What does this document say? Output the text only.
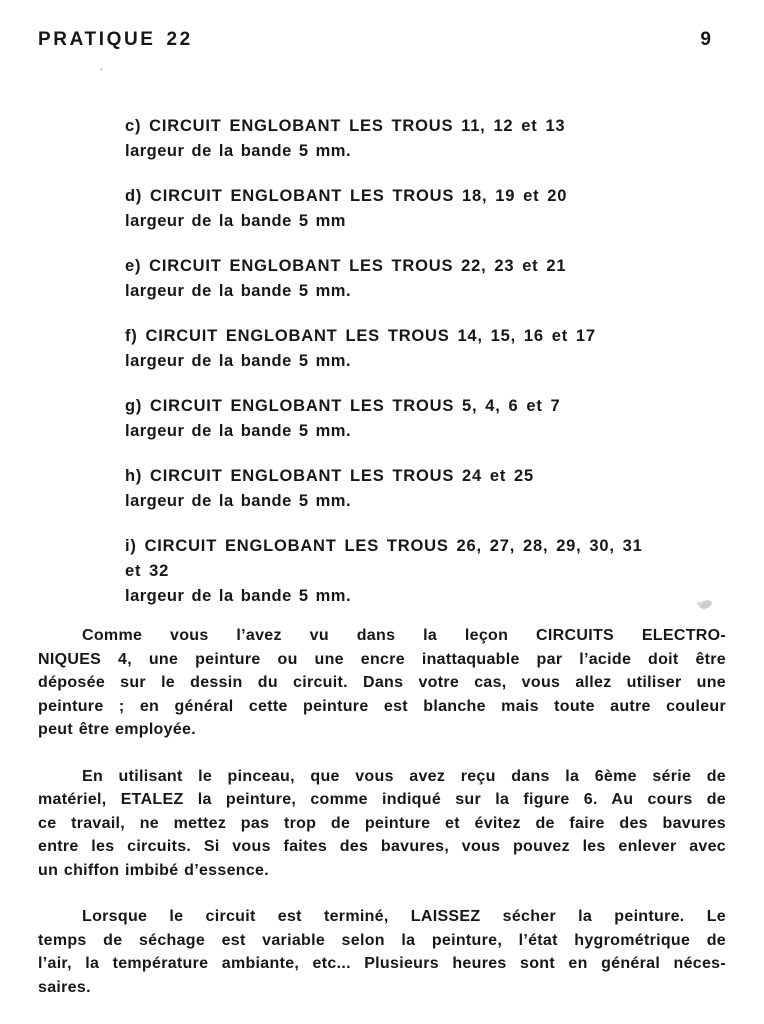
PRATIQUE 22	9
c) CIRCUIT ENGLOBANT LES TROUS 11, 12 et 13
largeur de la bande 5 mm.
d) CIRCUIT ENGLOBANT LES TROUS 18, 19 et 20
largeur de la bande 5 mm
e) CIRCUIT ENGLOBANT LES TROUS 22, 23 et 21
largeur de la bande 5 mm.
f) CIRCUIT ENGLOBANT LES TROUS 14, 15, 16 et 17
largeur de la bande 5 mm.
g) CIRCUIT ENGLOBANT LES TROUS 5, 4, 6 et 7
largeur de la bande 5 mm.
h) CIRCUIT ENGLOBANT LES TROUS 24 et 25
largeur de la bande 5 mm.
i) CIRCUIT ENGLOBANT LES TROUS 26, 27, 28, 29, 30, 31
et 32
largeur de la bande 5 mm.
Comme vous l’avez vu dans la leçon CIRCUITS ELECTRO-
NIQUES 4, une peinture ou une encre inattaquable par l’acide doit être
déposée sur le dessin du circuit. Dans votre cas, vous allez utiliser une
peinture ; en général cette peinture est blanche mais toute autre couleur
peut être employée.
En utilisant le pinceau, que vous avez reçu dans la 6ème série de
matériel, ETALEZ la peinture, comme indiqué sur la figure 6. Au cours de
ce travail, ne mettez pas trop de peinture et évitez de faire des bavures
entre les circuits. Si vous faites des bavures, vous pouvez les enlever avec
un chiffon imbibé d’essence.
Lorsque le circuit est terminé, LAISSEZ sécher la peinture. Le
temps de séchage est variable selon la peinture, l’état hygrométrique de
l’air, la température ambiante, etc... Plusieurs heures sont en général néces-
saires.
